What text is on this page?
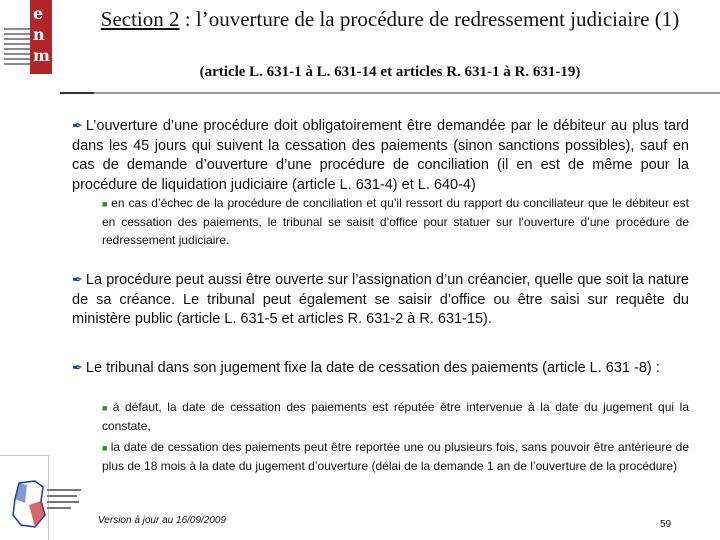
e
n
m
Section 2 : l’ouverture de la procédure de redressement judiciaire (1)
(article L. 631-1 à L. 631-14 et articles R. 631-1 à R. 631-19)
✒ L’ouverture d’une procédure doit obligatoirement être demandée par le débiteur au plus tard dans les 45 jours qui suivent la cessation des paiements (sinon sanctions possibles), sauf en cas de demande d’ouverture d’une procédure de conciliation (il en est de même pour la procédure de liquidation judiciaire (article L. 631-4) et L. 640-4)
■ en cas d’échec de la procédure de conciliation et qu’il ressort du rapport du conciliateur que le débiteur est en cessation des paiements, le tribunal se saisit d’office pour statuer sur l’ouverture d’une procédure de redressement judiciaire.
✒ La procédure peut aussi être ouverte sur l’assignation d’un créancier, quelle que soit la nature de sa créance. Le tribunal peut également se saisir d’office ou être saisi sur requête du ministère public (article L. 631-5 et articles R. 631-2 à R. 631-15).
✒ Le tribunal dans son jugement fixe la date de cessation des paiements (article L. 631 -8) :
■ à défaut, la date de cessation des paiements est réputée être intervenue à la date du jugement qui la constate,
■ la date de cessation des paiements peut être reportée une ou plusieurs fois, sans pouvoir être antérieure de plus de 18 mois à la date du jugement d’ouverture (délai de la demande 1 an de l’ouverture de la procédure)
Version à jour au 16/09/2009	59
